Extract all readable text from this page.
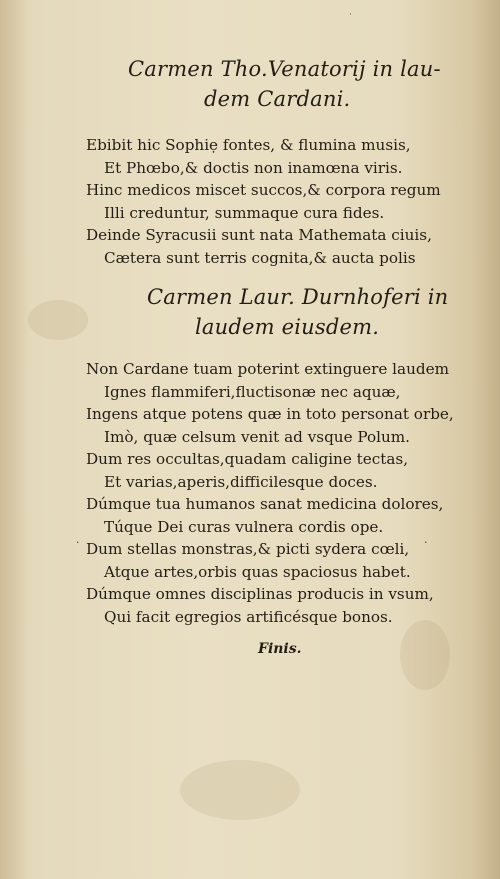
·
Carmen Tho.Venatorij in lau-
dem Cardani.
Ebibit hic Sophiẹ fontes, & flumina musis,
Et Phœbo,& doctis non inamœna viris.
Hinc medicos miscet succos,& corpora regum
Illi creduntur, summaque cura fides.
Deinde Syracusii sunt nata Mathemata ciuis,
Cætera sunt terris cognita,& aucta polis
Carmen Laur. Durnhoferi in
laudem eiusdem.
Non Cardane tuam poterint extinguere laudem
Ignes flammiferi,fluctisonæ nec aquæ,
Ingens atque potens quæ in toto personat orbe,
Imò, quæ celsum venit ad vsque Polum.
Dum res occultas,quadam caligine tectas,
Et varias,aperis,difficilesque doces.
Dúmque tua humanos sanat medicina dolores,
Túque Dei curas vulnera cordis ope.
Dum stellas monstras,& picti sydera cœli,
Atque artes,orbis quas spaciosus habet.
Dúmque omnes disciplinas producis in vsum,
Qui facit egregios artificésque bonos.
·	·
Finis.
